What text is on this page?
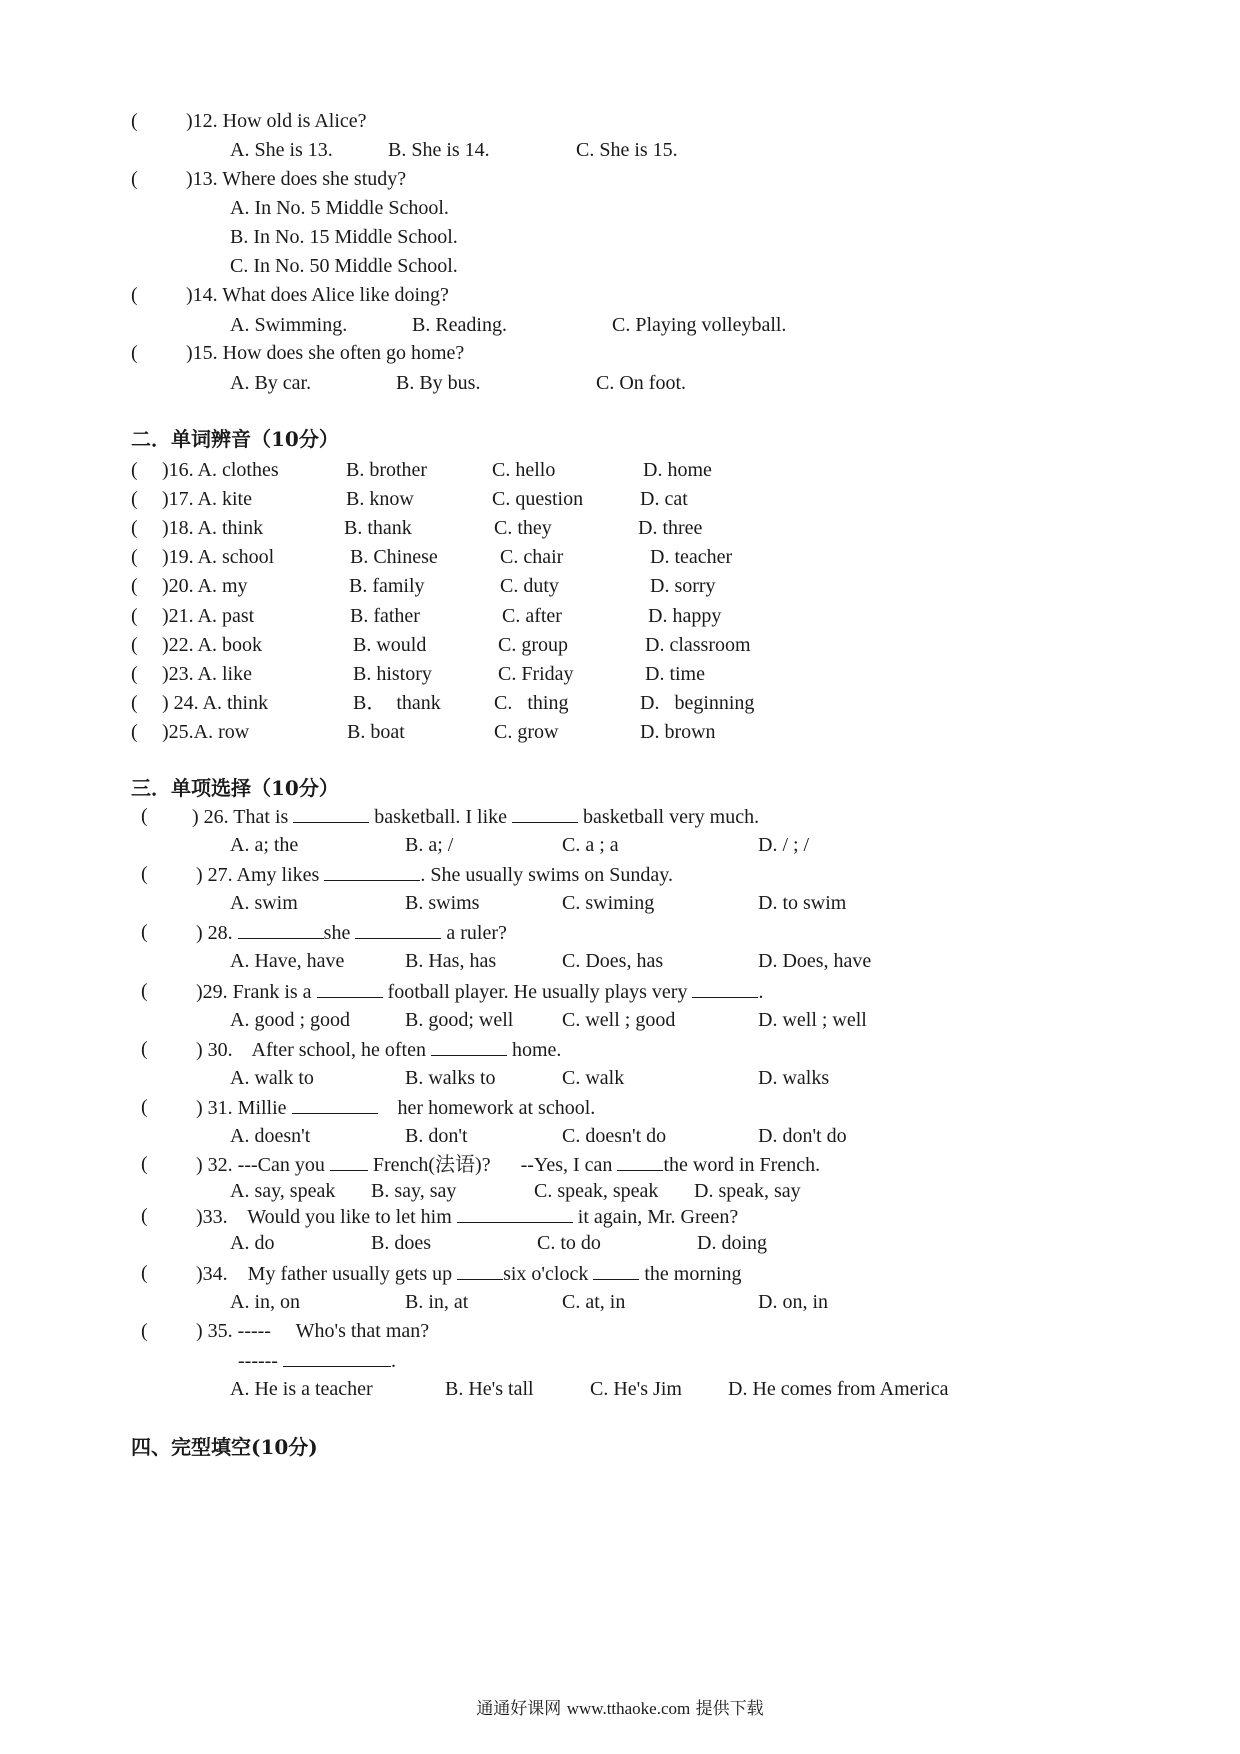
( )12. How old is Alice?
A. She is 13.	B. She is 14.	C. She is 15.
( )13. Where does she study?
A. In No. 5 Middle School.
B. In No. 15 Middle School.
C. In No. 50 Middle School.
( )14. What does Alice like doing?
A. Swimming.	B. Reading.	C. Playing volleyball.
( )15. How does she often go home?
A. By car.	B. By bus.	C. On foot.
二．单词辨音（10分）
( )16. A. clothes	B. brother	C. hello	D. home
( )17. A. kite	B. know	C. question	D. cat
( )18. A. think	B. thank	C. they	D. three
( )19. A. school	B. Chinese	C. chair	D. teacher
( )20. A. my	B. family	C. duty	D. sorry
( )21. A. past	B. father	C. after	D. happy
( )22. A. book	B. would	C. group	D. classroom
( )23. A. like	B. history	C. Friday	D. time
( ) 24. A. think	B．  thank	C.   thing	D.   beginning
( )25.A. row	B. boat	C. grow	D. brown
三．单项选择（10分）
( ) 26. That is	basketball. I like	basketball very much.
A. a; the	B. a; /	C. a ; a	D. / ; /
( ) 27. Amy likes	. She usually swims on Sunday.
A. swim	B. swims	C. swiming	D. to swim
( ) 28.	she	a ruler?
A. Have, have	B. Has, has	C. Does, has	D. Does, have
( )29. Frank is a	football player. He usually plays very	.
A. good ; good	B. good; well C. well ; good	D. well ; well
( ) 30.    After school, he often	home.
A. walk to	B. walks to	C. walk	D. walks
( ) 31. Millie	her homework at school.
A. doesn't	B. don't	C. doesn't do	D. don't do
( ) 32. ---Can you French(法语)?      --Yes, I can	the word in French.
A. say, speak B. say, say	C. speak, speak D. speak, say
( )33.    Would you like to let him	it again, Mr. Green?
A. do	B. does	C. to do	D. doing
( )34.    My father usually gets up	six o'clock	the morning
A. in, on	B. in, at	C. at, in	D. on, in
( ) 35. -----     Who's that man?
------	.
A. He is a teacher	B. He's tall	C. He's Jim D. He comes from America
四、完型填空(10分)
通通好课网 www.tthaoke.com 提供下载
